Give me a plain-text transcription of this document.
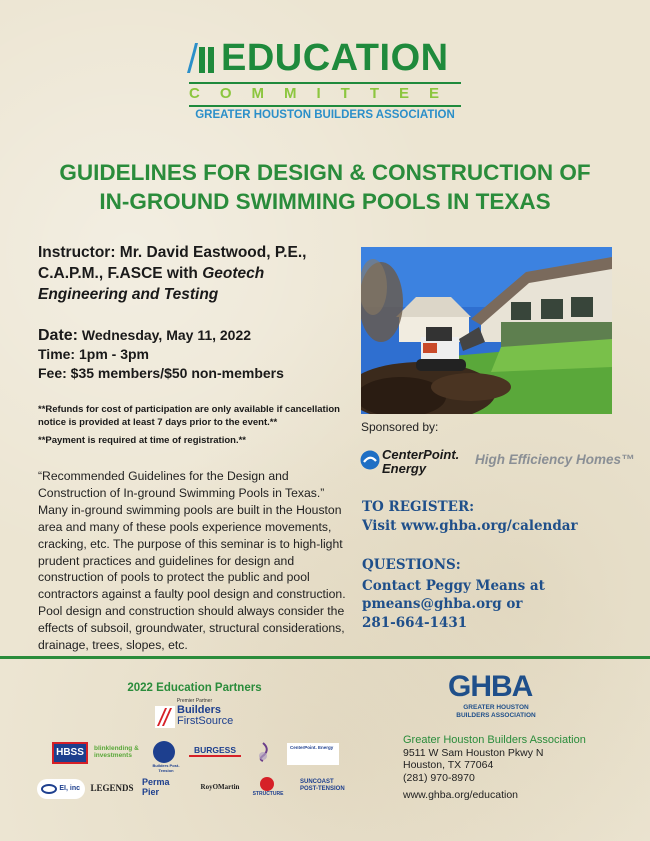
EDUCATION
COMMITTEE
GREATER HOUSTON BUILDERS ASSOCIATION
GUIDELINES FOR DESIGN & CONSTRUCTION OF
IN-GROUND SWIMMING POOLS IN TEXAS
Instructor: Mr. David Eastwood, P.E.,
C.A.P.M., F.ASCE with Geotech
Engineering and Testing
Date: Wednesday, May 11, 2022
Time: 1pm - 3pm
Fee: $35 members/$50 non-members
**Refunds for cost of participation are only available if cancellation notice is provided at least 7 days prior to the event.**
**Payment is required at time of registration.**
“Recommended Guidelines for the Design and Construction of In-ground Swimming Pools in Texas.” Many in-ground swimming pools are built in the Houston area and many of these pools experience movements, cracking, etc. The purpose of this seminar is to high-light prudent practices and guidelines for design and construction of pools to protect the public and pool contractors against a faulty pool design and construction. Pool design and construction should always consider the effects of subsoil, groundwater, structural considerations, drainage, trees, slopes, etc.
Sponsored by:
CenterPoint.
Energy
High Efficiency Homes™
TO REGISTER:
Visit www.ghba.org/calendar
QUESTIONS:
Contact Peggy Means at
pmeans@ghba.org or
281-664-1431
2022 Education Partners
Premier Partner
Builders
FirstSource
HBSS	blinklending & investments
Builders Post-Tension
BURGESS	CenterPoint. Energy
EI, inc	LEGENDS
Perma Pier	RoyOMartin
STRUCTURE
SUNCOAST POST-TENSION
GHBA
GREATER HOUSTON
BUILDERS ASSOCIATION
Greater Houston Builders Association
9511 W Sam Houston Pkwy N
Houston, TX 77064
(281) 970-8970
www.ghba.org/education
